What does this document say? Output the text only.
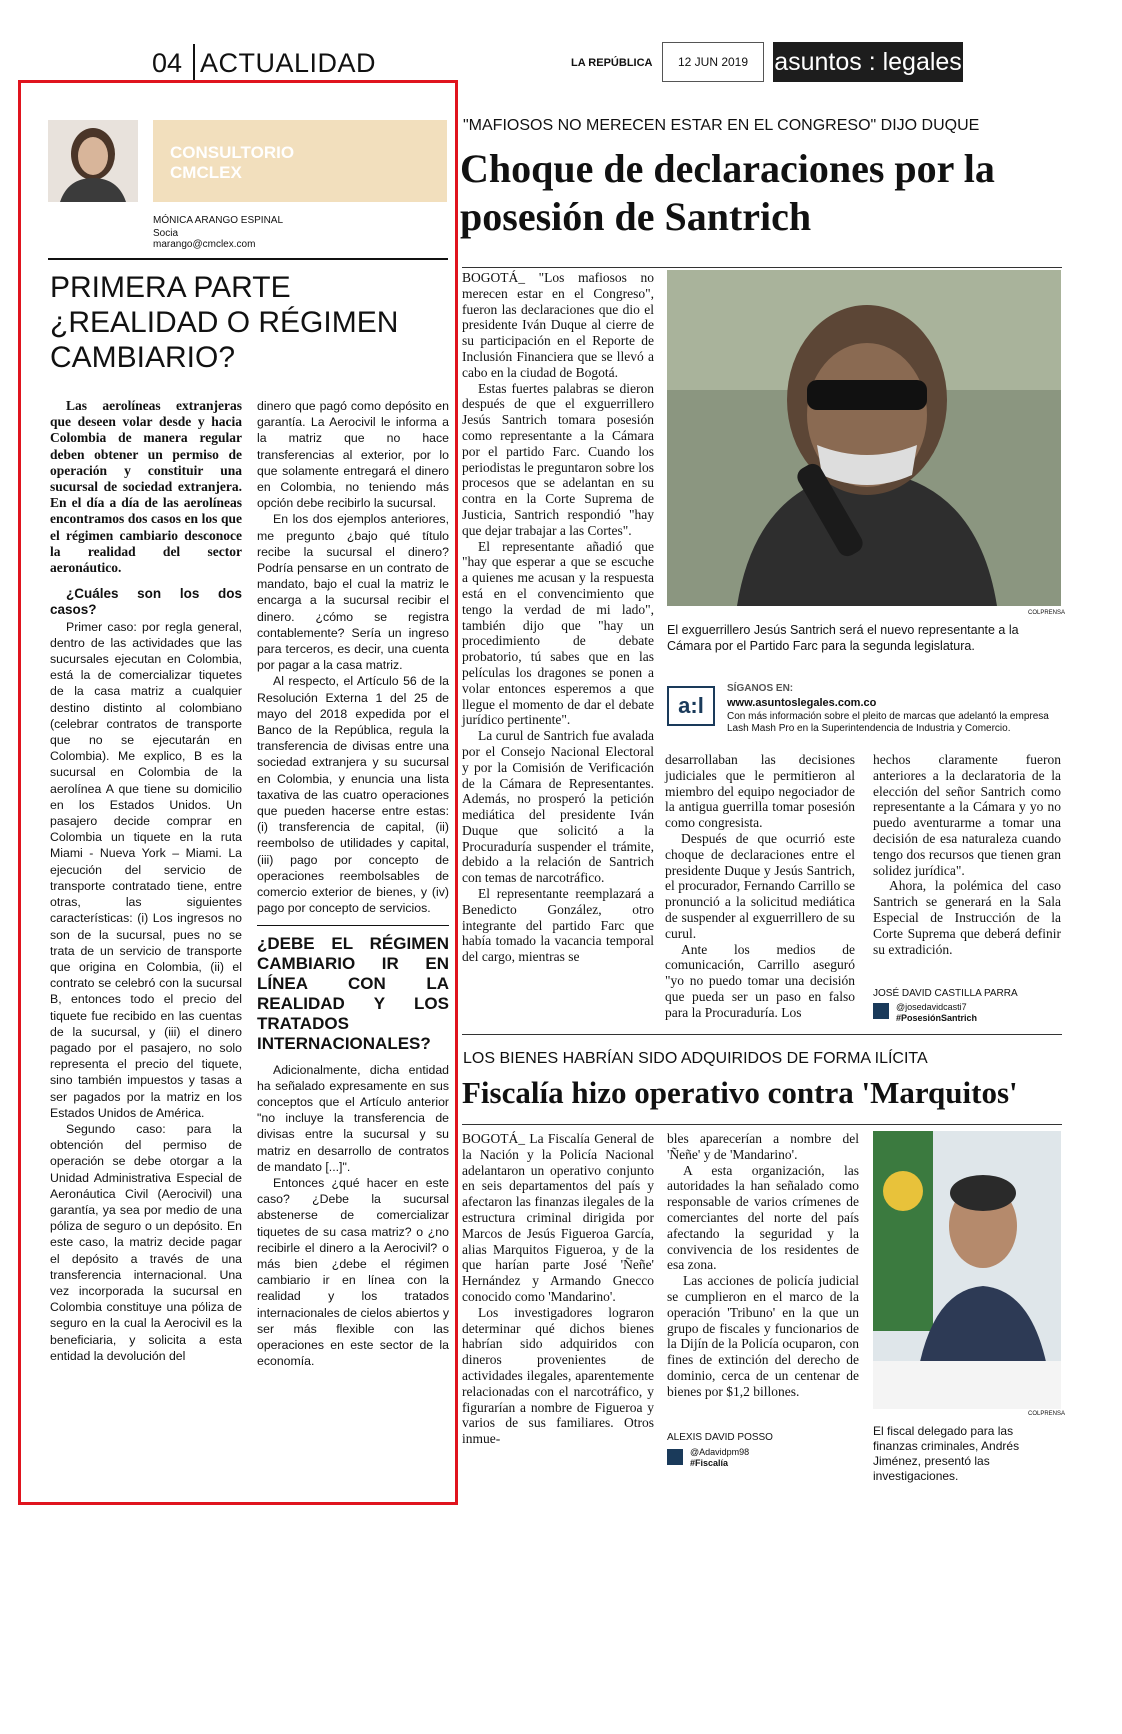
04 ACTUALIDAD	LA REPÚBLICA	12 JUN 2019	asuntos : legales
CONSULTORIO CMCLEX
MÓNICA ARANGO ESPINAL
Socia
marango@cmclex.com
PRIMERA PARTE ¿REALIDAD O RÉGIMEN CAMBIARIO?

Las aerolíneas extranjeras que deseen volar desde y hacia Colombia de manera regular deben obtener un permiso de operación y constituir una sucursal de sociedad extranjera. En el día a día de las aerolíneas encontramos dos casos en los que el régimen cambiario desconoce la realidad del sector aeronáutico.

¿Cuáles son los dos casos?

Primer caso: por regla general, dentro de las actividades que las sucursales ejecutan en Colombia, está la de comercializar tiquetes de la casa matriz a cualquier destino distinto al colombiano (celebrar contratos de transporte que no se ejecutarán en Colombia). Me explico, B es la sucursal en Colombia de la aerolínea A que tiene su domicilio en los Estados Unidos. Un pasajero decide comprar en Colombia un tiquete en la ruta Miami - Nueva York – Miami. La ejecución del servicio de transporte contratado tiene, entre otras, las siguientes características: (i) Los ingresos no son de la sucursal, pues no se trata de un servicio de transporte que origina en Colombia, (ii) el contrato se celebró con la sucursal B, entonces todo el precio del tiquete fue recibido en las cuentas de la sucursal, y (iii) el dinero pagado por el pasajero, no solo representa el precio del tiquete, sino también impuestos y tasas a ser pagados por la matriz en los Estados Unidos de América.

Segundo caso: para la obtención del permiso de operación se debe otorgar a la Unidad Administrativa Especial de Aeronáutica Civil (Aerocivil) una garantía, ya sea por medio de una póliza de seguro o un depósito. En este caso, la matriz decide pagar el depósito a través de una transferencia internacional. Una vez incorporada la sucursal en Colombia constituye una póliza de seguro en la cual la Aerocivil es la beneficiaria, y solicita a esta entidad la devolución del

dinero que pagó como depósito en garantía. La Aerocivil le informa a la matriz que no hace transferencias al exterior, por lo que solamente entregará el dinero en Colombia, no teniendo más opción debe recibirlo la sucursal.

En los dos ejemplos anteriores, me pregunto ¿bajo qué título recibe la sucursal el dinero? Podría pensarse en un contrato de mandato, bajo el cual la matriz le encarga a la sucursal recibir el dinero. ¿cómo se registra contablemente? Sería un ingreso para terceros, es decir, una cuenta por pagar a la casa matriz.

Al respecto, el Artículo 56 de la Resolución Externa 1 del 25 de mayo del 2018 expedida por el Banco de la República, regula la transferencia de divisas entre una sociedad extranjera y su sucursal en Colombia, y enuncia una lista taxativa de las cuatro operaciones que pueden hacerse entre estas: (i) transferencia de capital, (ii) reembolso de utilidades y capital, (iii) pago por concepto de operaciones reembolsables de comercio exterior de bienes, y (iv) pago por concepto de servicios.

¿DEBE EL RÉGIMEN CAMBIARIO IR EN LÍNEA CON LA REALIDAD Y LOS TRATADOS INTERNACIONALES?

Adicionalmente, dicha entidad ha señalado expresamente en sus conceptos que el Artículo anterior "no incluye la transferencia de divisas entre la sucursal y su matriz en desarrollo de contratos de mandato [...]".

Entonces ¿qué hacer en este caso? ¿Debe la sucursal abstenerse de comercializar tiquetes de su casa matriz? o ¿no recibirle el dinero a la Aerocivil? o más bien ¿debe el régimen cambiario ir en línea con la realidad y los tratados internacionales de cielos abiertos y ser más flexible con las operaciones en este sector de la economía.

"MAFIOSOS NO MERECEN ESTAR EN EL CONGRESO" DIJO DUQUE
Choque de declaraciones por la posesión de Santrich

BOGOTÁ_ "Los mafiosos no merecen estar en el Congreso", fueron las declaraciones que dio el presidente Iván Duque al cierre de su participación en el Reporte de Inclusión Financiera que se llevó a cabo en la ciudad de Bogotá.

Estas fuertes palabras se dieron después de que el exguerrillero Jesús Santrich tomara posesión como representante a la Cámara por el partido Farc. Cuando los periodistas le preguntaron sobre los procesos que se adelantan en su contra en la Corte Suprema de Justicia, Santrich respondió "hay que dejar trabajar a las Cortes".

El representante añadió que "hay que esperar a que se escuche a quienes me acusan y la respuesta está en el convencimiento que tengo la verdad de mi lado", también dijo que "hay un procedimiento de debate probatorio, tú sabes que en las películas los dragones se ponen a volar entonces esperemos a que llegue el momento de dar el debate jurídico pertinente".

La curul de Santrich fue avalada por el Consejo Nacional Electoral y por la Comisión de Verificación de la Cámara de Representantes. Además, no prosperó la petición mediática del presidente Iván Duque que solicitó a la Procuraduría suspender el trámite, debido a la relación de Santrich con temas de narcotráfico.

El representante reemplazará a Benedicto González, otro integrante del partido Farc que había tomado la vacancia temporal del cargo, mientras se

COLPRENSA
El exguerrillero Jesús Santrich será el nuevo representante a la Cámara por el Partido Farc para la segunda legislatura.
a:l
SÍGANOS EN:
www.asuntoslegales.com.co
Con más información sobre el pleito de marcas que adelantó la empresa Lash Mash Pro en la Superintendencia de Industria y Comercio.

desarrollaban las decisiones judiciales que le permitieron al miembro del equipo negociador de la antigua guerrilla tomar posesión como congresista.

Después de que ocurrió este choque de declaraciones entre el presidente Duque y Jesús Santrich, el procurador, Fernando Carrillo se pronunció a la solicitud mediática de suspender al exguerrillero de su curul.

Ante los medios de comunicación, Carrillo aseguró "yo no puedo tomar una decisión que pueda ser un paso en falso para la Procuraduría. Los

hechos claramente fueron anteriores a la declaratoria de la elección del señor Santrich como representante a la Cámara y yo no puedo aventurarme a tomar una decisión de esa naturaleza cuando tengo dos recursos que tienen gran solidez jurídica".

Ahora, la polémica del caso Santrich se generará en la Sala Especial de Instrucción de la Corte Suprema que deberá definir su extradición.

JOSÉ DAVID CASTILLA PARRA
@josedavidcasti7
#PosesiónSantrich
LOS BIENES HABRÍAN SIDO ADQUIRIDOS DE FORMA ILÍCITA
Fiscalía hizo operativo contra 'Marquitos'

BOGOTÁ_ La Fiscalía General de la Nación y la Policía Nacional adelantaron un operativo conjunto en seis departamentos del país y afectaron las finanzas ilegales de la estructura criminal dirigida por Marcos de Jesús Figueroa García, alias Marquitos Figueroa, y de la que harían parte José 'Ñeñe' Hernández y Armando Gnecco conocido como 'Mandarino'.

Los investigadores lograron determinar qué dichos bienes habrían sido adquiridos con dineros provenientes de actividades ilegales, aparentemente relacionadas con el narcotráfico, y figurarían a nombre de Figueroa y varios de sus familiares. Otros inmue-

bles aparecerían a nombre del 'Ñeñe' y de 'Mandarino'.

A esta organización, las autoridades la han señalado como responsable de varios crímenes de comerciantes del norte del país afectando la seguridad y la convivencia de los residentes de esa zona.

Las acciones de policía judicial se cumplieron en el marco de la operación 'Tribuno' en la que un grupo de fiscales y funcionarios de la Dijín de la Policía ocuparon, con fines de extinción del derecho de dominio, cerca de un centenar de bienes por $1,2 billones.

COLPRENSA
El fiscal delegado para las finanzas criminales, Andrés Jiménez, presentó las investigaciones.
ALEXIS DAVID POSSO
@Adavidpm98
#Fiscalía
